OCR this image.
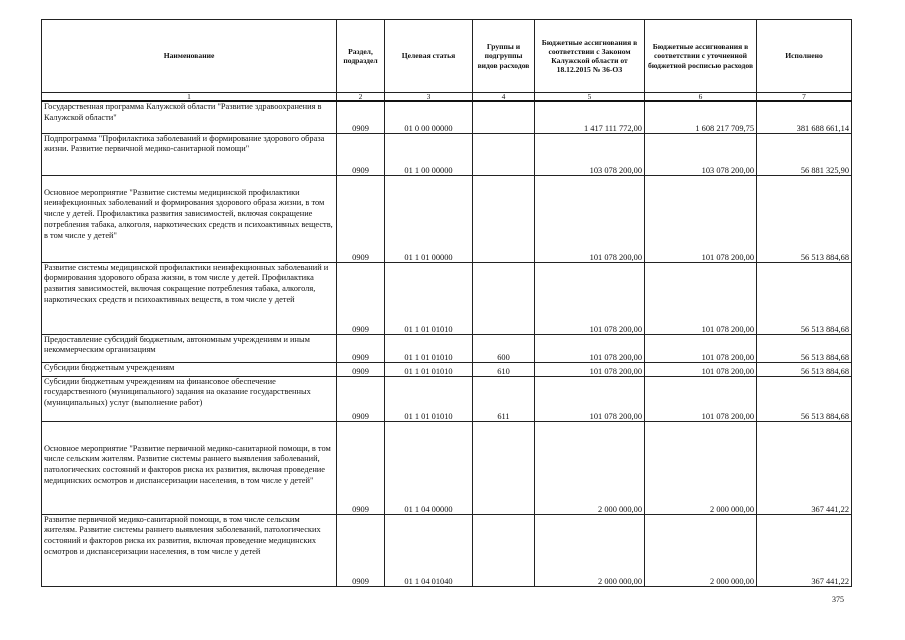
Наименование	Раздел, подраздел	Целевая статья	Группы и подгруппы видов расходов	Бюджетные ассигнования в соответствии с Законом Калужской области от 18.12.2015 № 36-ОЗ	Бюджетные ассигнования в соответствии с уточненной бюджетной росписью расходов	Исполнено
1	2	3	4	5	6	7
Государственная программа Калужской области "Развитие здравоохранения в Калужской области"	0909	01 0 00 00000		1 417 111 772,00	1 608 217 709,75	381 688 661,14
Подпрограмма "Профилактика заболеваний и формирование здорового образа жизни. Развитие первичной медико-санитарной помощи"	0909	01 1 00 00000		103 078 200,00	103 078 200,00	56 881 325,90
Основное мероприятие "Развитие системы медицинской профилактики неинфекционных заболеваний и формирования здорового образа жизни, в том числе у детей. Профилактика развития зависимостей, включая сокращение потребления табака, алкоголя, наркотических средств и психоактивных веществ, в том числе у детей"	0909	01 1 01 00000		101 078 200,00	101 078 200,00	56 513 884,68
Развитие системы медицинской профилактики неинфекционных заболеваний и формирования здорового образа жизни, в том числе у детей. Профилактика развития зависимостей, включая сокращение потребления табака, алкоголя, наркотических средств и психоактивных веществ, в том числе у детей	0909	01 1 01 01010		101 078 200,00	101 078 200,00	56 513 884,68
Предоставление субсидий бюджетным, автономным учреждениям и иным некоммерческим организациям	0909	01 1 01 01010	600	101 078 200,00	101 078 200,00	56 513 884,68
Субсидии бюджетным учреждениям	0909	01 1 01 01010	610	101 078 200,00	101 078 200,00	56 513 884,68
Субсидии бюджетным учреждениям на финансовое обеспечение государственного (муниципального) задания на оказание государственных (муниципальных) услуг (выполнение работ)	0909	01 1 01 01010	611	101 078 200,00	101 078 200,00	56 513 884,68
Основное мероприятие "Развитие первичной медико-санитарной помощи, в том числе сельским жителям. Развитие системы раннего выявления заболеваний, патологических состояний и факторов риска их развития, включая проведение медицинских осмотров и диспансеризации населения, в том числе у детей"	0909	01 1 04 00000		2 000 000,00	2 000 000,00	367 441,22
Развитие первичной медико-санитарной помощи, в том числе сельским жителям. Развитие системы раннего выявления заболеваний, патологических состояний и факторов риска их развития, включая проведение медицинских осмотров и диспансеризации населения, в том числе у детей	0909	01 1 04 01040		2 000 000,00	2 000 000,00	367 441,22
375
